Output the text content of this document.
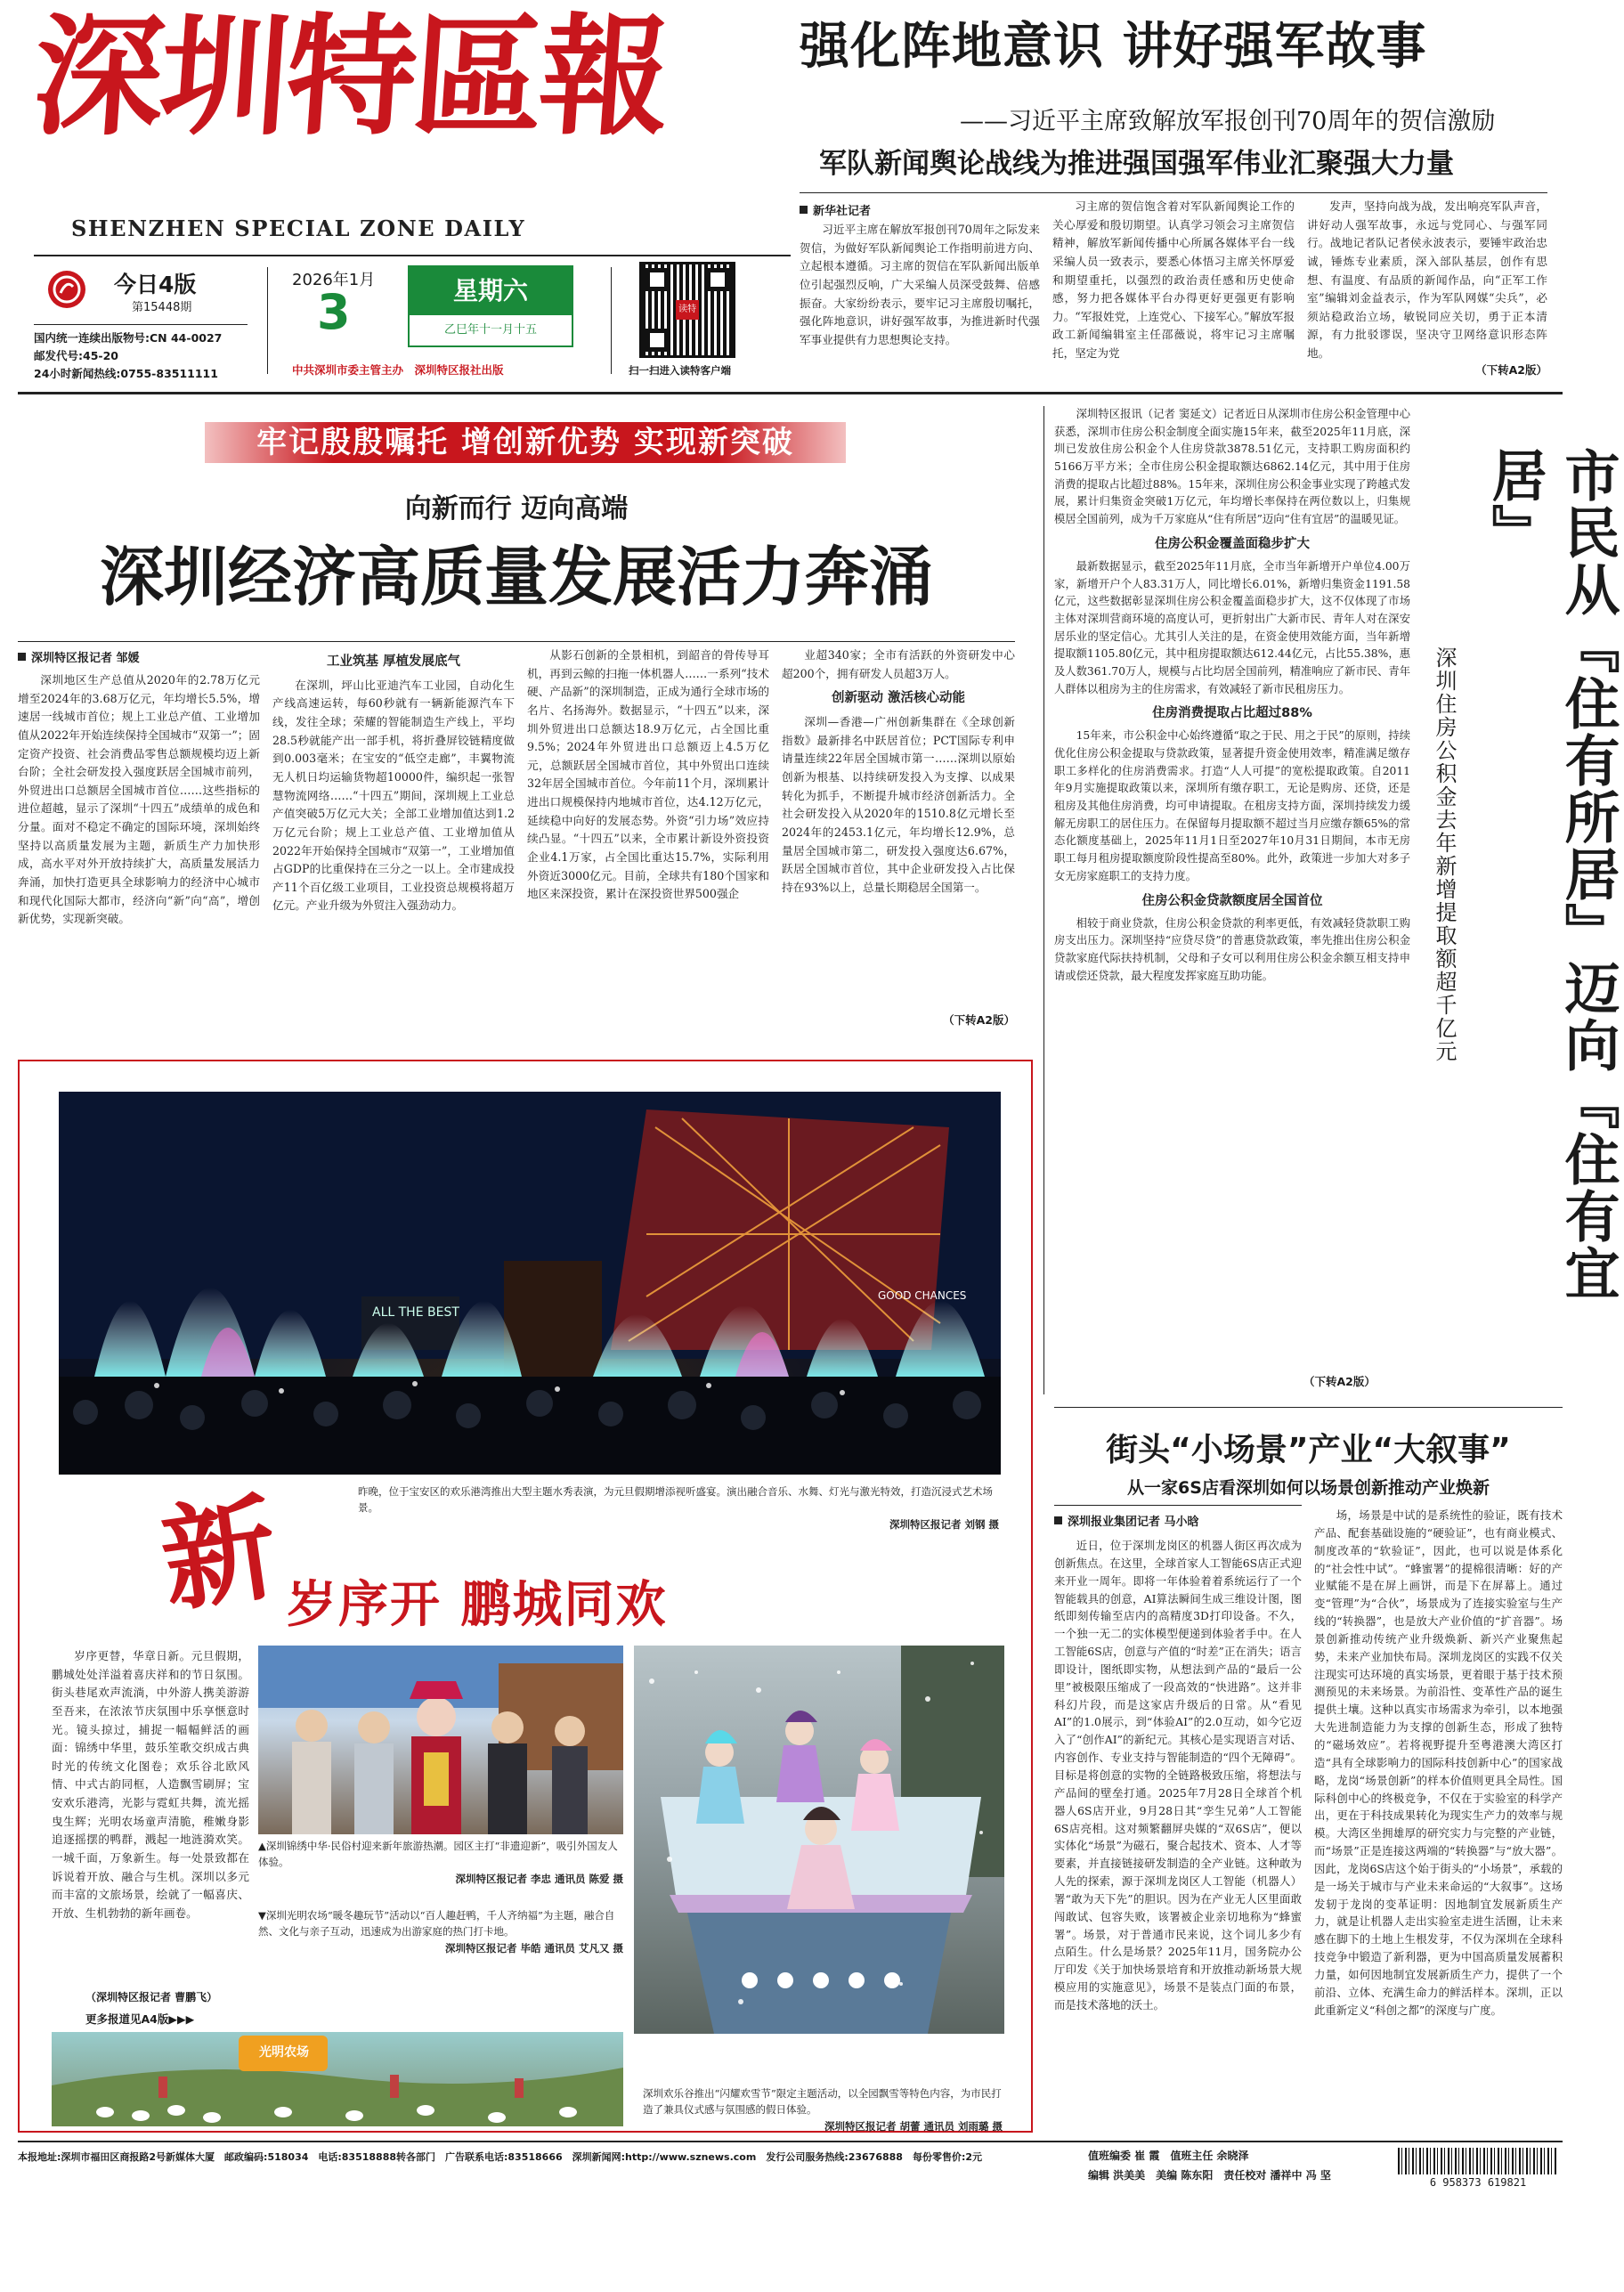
深圳特區報
SHENZHEN SPECIAL ZONE DAILY
今日4版
第15448期
国内统一连续出版物号:CN 44-0027
邮发代号:45-20
24小时新闻热线:0755-83511111
2026年1月
3	星期六
乙巳年十一月十五
中共深圳市委主管主办　深圳特区报社出版
读特
扫一扫进入读特客户端
强化阵地意识 讲好强军故事
——习近平主席致解放军报创刊70周年的贺信激励
军队新闻舆论战线为推进强国强军伟业汇聚强大力量
新华社记者

习近平主席在解放军报创刊70周年之际发来贺信，为做好军队新闻舆论工作指明前进方向、立起根本遵循。习主席的贺信在军队新闻出版单位引起强烈反响，广大采编人员深受鼓舞、倍感振奋。大家纷纷表示，要牢记习主席殷切嘱托，强化阵地意识，讲好强军故事，为推进新时代强军事业提供有力思想舆论支持。

习主席的贺信饱含着对军队新闻舆论工作的关心厚爱和殷切期望。认真学习领会习主席贺信精神，解放军新闻传播中心所属各媒体平台一线采编人员一致表示，要悉心体悟习主席关怀厚爱和期望重托，以强烈的政治责任感和历史使命感，努力把各媒体平台办得更好更强更有影响力。“军报姓党，上连党心、下接军心。”解放军报政工新闻编辑室主任邵薇说，将牢记习主席嘱托，坚定为党

发声，坚持向战为战，发出响亮军队声音，讲好动人强军故事，永远与党同心、与强军同行。战地记者队记者侯永波表示，要锤牢政治忠诚，锤炼专业素质，深入部队基层，创作有思想、有温度、有品质的新闻作品，向“正军工作室”编辑刘金益表示，作为军队网媒“尖兵”，必须站稳政治立场，敏锐同应关切，勇于正本清源，有力批驳谬误，坚决守卫网络意识形态阵地。

（下转A2版）
牢记殷殷嘱托 增创新优势 实现新突破
向新而行 迈向高端
深圳经济高质量发展活力奔涌
深圳特区报记者 邹媛

深圳地区生产总值从2020年的2.78万亿元增至2024年的3.68万亿元，年均增长5.5%，增速居一线城市首位；规上工业总产值、工业增加值从2022年开始连续保持全国城市“双第一”；固定资产投资、社会消费品零售总额规模均迈上新台阶；全社会研发投入强度跃居全国城市前列，外贸进出口总额居全国城市首位……这些指标的进位超越，显示了深圳“十四五”成绩单的成色和分量。面对不稳定不确定的国际环境，深圳始终坚持以高质量发展为主题，新质生产力加快形成，高水平对外开放持续扩大，高质量发展活力奔涌，加快打造更具全球影响力的经济中心城市和现代化国际大都市，经济向“新”向“高”，增创新优势，实现新突破。

工业筑基 厚植发展底气

在深圳，坪山比亚迪汽车工业园，自动化生产线高速运转，每60秒就有一辆新能源汽车下线，发往全球；荣耀的智能制造生产线上，平均28.5秒就能产出一部手机，将折叠屏铰链精度做到0.003毫米；在宝安的“低空走廊”，丰翼物流无人机日均运输货物超10000件，编织起一张智慧物流网络……“十四五”期间，深圳规上工业总产值突破5万亿元大关；全部工业增加值达到1.2万亿元台阶；规上工业总产值、工业增加值从2022年开始保持全国城市“双第一”，工业增加值占GDP的比重保持在三分之一以上。全市建成投产11个百亿级工业项目，工业投资总规模将超万亿元。产业升级为外贸注入强劲动力。

从影石创新的全景相机，到韶音的骨传导耳机，再到云鲸的扫拖一体机器人……一系列“技术硬、产品新”的深圳制造，正成为通行全球市场的名片、名扬海外。数据显示，“十四五”以来，深圳外贸进出口总额达18.9万亿元，占全国比重9.5%；2024年外贸进出口总额迈上4.5万亿元，总额跃居全国城市首位，其中外贸出口连续32年居全国城市首位。今年前11个月，深圳累计进出口规模保持内地城市首位，达4.12万亿元，延续稳中向好的发展态势。外资“引力场”效应持续凸显。“十四五”以来，全市累计新设外资投资企业4.1万家，占全国比重达15.7%，实际利用外资近3000亿元。目前，全球共有180个国家和地区来深投资，累计在深投资世界500强企

业超340家；全市有活跃的外资研发中心超200个，拥有研发人员超3万人。

创新驱动 激活核心动能

深圳—香港—广州创新集群在《全球创新指数》最新排名中跃居首位；PCT国际专利申请量连续22年居全国城市第一……深圳以原始创新为根基、以持续研发投入为支撑、以成果转化为抓手，不断提升城市经济创新活力。全社会研发投入从2020年的1510.8亿元增长至2024年的2453.1亿元，年均增长12.9%，总量居全国城市第二，研发投入强度达6.67%，跃居全国城市首位，其中企业研发投入占比保持在93%以上，总量长期稳居全国第一。

（下转A2版）

深圳特区报讯（记者 窦延文）记者近日从深圳市住房公积金管理中心获悉，深圳市住房公积金制度全面实施15年来，截至2025年11月底，深圳已发放住房公积金个人住房贷款3878.51亿元，支持职工购房面积约5166万平方米；全市住房公积金提取额达6862.14亿元，其中用于住房消费的提取占比超过88%。15年来，深圳住房公积金事业实现了跨越式发展，累计归集资金突破1万亿元，年均增长率保持在两位数以上，归集规模居全国前列，成为千万家庭从“住有所居”迈向“住有宜居”的温暖见证。

住房公积金覆盖面稳步扩大

最新数据显示，截至2025年11月底，全市当年新增开户单位4.00万家，新增开户个人83.31万人，同比增长6.01%，新增归集资金1191.58亿元，这些数据彰显深圳住房公积金覆盖面稳步扩大，这不仅体现了市场主体对深圳营商环境的高度认可，更折射出广大新市民、青年人对在深安居乐业的坚定信心。尤其引人关注的是，在资金使用效能方面，当年新增提取额1105.80亿元，其中租房提取额达612.44亿元，占比55.38%，惠及人数361.70万人，规模与占比均居全国前列，精准响应了新市民、青年人群体以租房为主的住房需求，有效减轻了新市民租房压力。

住房消费提取占比超过88%

15年来，市公积金中心始终遵循“取之于民、用之于民”的原则，持续优化住房公积金提取与贷款政策，显著提升资金使用效率，精准满足缴存职工多样化的住房消费需求。打造“人人可提”的宽松提取政策。自2011年9月实施提取政策以来，深圳所有缴存职工，无论是购房、还贷，还是租房及其他住房消费，均可申请提取。在租房支持方面，深圳持续发力缓解无房职工的居住压力。在保留每月提取额不超过当月应缴存额65%的常态化额度基础上，2025年11月1日至2027年10月31日期间，本市无房职工每月租房提取额度阶段性提高至80%。此外，政策进一步加大对多子女无房家庭职工的支持力度。

住房公积金贷款额度居全国首位

相较于商业贷款，住房公积金贷款的利率更低，有效减轻贷款职工购房支出压力。深圳坚持“应贷尽贷”的普惠贷款政策，率先推出住房公积金贷款家庭代际扶持机制，父母和子女可以利用住房公积金余额互相支持申请或偿还贷款，最大程度发挥家庭互助功能。

（下转A2版）
市民从『住有所居』迈向『住有宜居』
深圳住房公积金去年新增提取额超千亿元
ALL THE BEST
GOOD CHANCES
昨晚，位于宝安区的欢乐港湾推出大型主题水秀表演，为元旦假期增添视听盛宴。演出融合音乐、水舞、灯光与激光特效，打造沉浸式艺术场景。
深圳特区报记者 刘钢 摄
新 岁序开 鹏城同欢

岁序更替，华章日新。元旦假期，鹏城处处洋溢着喜庆祥和的节日氛围。街头巷尾欢声流淌，中外游人携美游游至吾来，在浓浓节庆氛围中乐享惬意时光。镜头掠过，捕捉一幅幅鲜活的画面：锦绣中华里，鼓乐笙歌交织成古典时光的传统文化图卷；欢乐谷北欧风情、中式古韵同框，人造飘雪刷屏；宝安欢乐港湾，光影与霓虹共舞，流光摇曳生辉；光明农场童声清脆，稚嫩身影追逐摇摆的鸭群，溅起一地涟漪欢笑。一城千面，万象新生。每一处景致都在诉说着开放、融合与生机。深圳以多元而丰富的文旅场景，绘就了一幅喜庆、开放、生机勃勃的新年画卷。

（深圳特区报记者 曹鹏飞）
更多报道见A4版▶▶▶
▲深圳锦绣中华·民俗村迎来新年旅游热潮。园区主打“非遗迎新”，吸引外国友人体验。
深圳特区报记者 李忠 通讯员 陈爱 摄
▼深圳光明农场“暖冬趣玩节”活动以“百人趣赶鸭，千人齐纳福”为主题，融合自然、文化与亲子互动，迅速成为出游家庭的热门打卡地。
深圳特区报记者 毕皓 通讯员 艾凡又 摄
光明农场
深圳欢乐谷推出“闪耀欢雪节”限定主题活动，以全园飘雪等特色内容，为市民打造了兼具仪式感与氛围感的假日体验。
深圳特区报记者 胡蕾 通讯员 刘雨璐 摄
街头“小场景”产业“大叙事”
从一家6S店看深圳如何以场景创新推动产业焕新
深圳报业集团记者 马小晗

近日，位于深圳龙岗区的机器人街区再次成为创新焦点。在这里，全球首家人工智能6S店正式迎来开业一周年。即将一年体验着着系统运行了一个智能载具的创意，AI算法瞬间生成三维设计图，图纸即刻传输至店内的高精度3D打印设备。不久，一个独一无二的实体模型便递到体验者手中。在人工智能6S店，创意与产值的“时差”正在消失；语言即设计，图纸即实物，从想法到产品的“最后一公里”被极限压缩成了一段高效的“快进路”。这并非科幻片段，而是这家店升级后的日常。从“看见AI”的1.0展示，到“体验AI”的2.0互动，如今它迈入了“创作AI”的新纪元。其核心是实现语言对话、内容创作、专业支持与智能制造的“四个无障碍”。目标是将创意的实物的全链路极致压缩，将想法与产品间的壁垒打通。2025年7月28日全球首个机器人6S店开业，9月28日其“孪生兄弟”人工智能6S店亮相。这对频繁翻屏央媒的“双6S店”，便以实体化“场景”为磁石，聚合起技术、资本、人才等要素，并直接链接研发制造的全产业链。这种敢为人先的探索，源于深圳龙岗区人工智能（机器人）署“敢为天下先”的胆识。因为在产业无人区里面敢闯敢试、包容失败，该署被企业亲切地称为“蜂蜜署”。场景，对于普通市民来说，这个词儿多少有点陌生。什么是场景？2025年11月，国务院办公厅印发《关于加快场景培育和开放推动新场景大规模应用的实施意见》，场景不是装点门面的布景，而是技术落地的沃土。

场，场景是中试的是系统性的验证，既有技术产品、配套基础设施的“硬验证”，也有商业模式、制度改革的“软验证”，因此，也可以说是体系化的“社会性中试”。“蜂蜜署”的提棉很清晰：好的产业赋能不是在屏上画饼，而是下在屏幕上。通过变“管理”为“合伙”，场景成为了连接实验室与生产线的“转换器”，也是放大产业价值的“扩音器”。场景创新推动传统产业升级焕新、新兴产业聚焦起势，未来产业加快布局。深圳龙岗区的实践不仅关注现实可达环境的真实场景，更着眼于基于技术预测预见的未来场景。为前沿性、变革性产品的诞生提供土壤。这种以真实市场需求为牵引，以本地强大先进制造能力为支撑的创新生态，形成了独特的“磁场效应”。若将视野提升至粤港澳大湾区打造“具有全球影响力的国际科技创新中心”的国家战略，龙岗“场景创新”的样本价值则更具全局性。国际科创中心的终极竞争，不仅在于实验室的科学产出，更在于科技成果转化为现实生产力的效率与规模。大湾区坐拥雄厚的研究实力与完整的产业链，而“场景”正是连接这两端的“转换器”与“放大器”。因此，龙岗6S店这个始于街头的“小场景”，承载的是一场关于城市与产业未来命运的“大叙事”。这场发轫于龙岗的变革证明：因地制宜发展新质生产力，就是让机器人走出实验室走进生活圈，让未来感在脚下的土地上生根发芽，不仅为深圳在全球科技竞争中锻造了新利器，更为中国高质量发展蓄积力量，如何因地制宜发展新质生产力，提供了一个前沿、立体、充满生命力的鲜活样本。深圳，正以此重新定义“科创之都”的深度与广度。

本报地址:深圳市福田区商报路2号新媒体大厦　邮政编码:518034　电话:83518888转各部门　广告联系电话:83518666　深圳新闻网:http://www.sznews.com　发行公司服务热线:23676888　每份零售价:2元	值班编委 崔 霞　值班主任 余晓泽
编辑 洪美美　美编 陈东阳　责任校对 潘祥中 冯 坚
6 958373 619821
